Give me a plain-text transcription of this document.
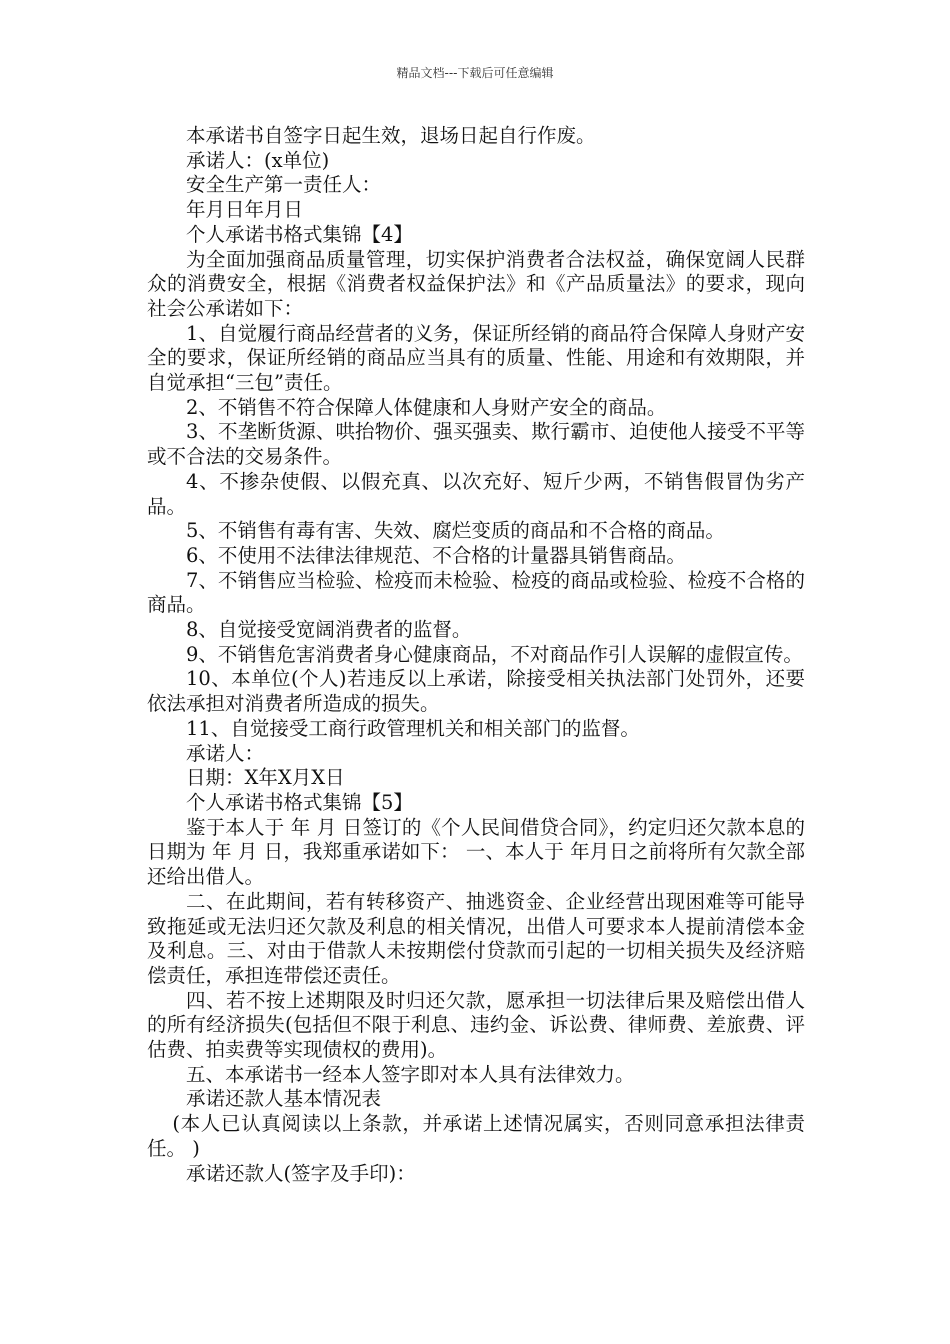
精品文档---下载后可任意编辑

本承诺书自签字日起生效，退场日起自行作废。

承诺人：(x单位)

安全生产第一责任人：

年月日年月日

个人承诺书格式集锦【4】

为全面加强商品质量管理，切实保护消费者合法权益，确保宽阔人民群众的消费安全，根据《消费者权益保护法》和《产品质量法》的要求，现向社会公承诺如下：

1、自觉履行商品经营者的义务，保证所经销的商品符合保障人身财产安全的要求，保证所经销的商品应当具有的质量、性能、用途和有效期限，并自觉承担“三包”责任。

2、不销售不符合保障人体健康和人身财产安全的商品。

3、不垄断货源、哄抬物价、强买强卖、欺行霸市、迫使他人接受不平等或不合法的交易条件。

4、不掺杂使假、以假充真、以次充好、短斤少两，不销售假冒伪劣产品。

5、不销售有毒有害、失效、腐烂变质的商品和不合格的商品。

6、不使用不法律法律规范、不合格的计量器具销售商品。

7、不销售应当检验、检疫而未检验、检疫的商品或检验、检疫不合格的商品。

8、自觉接受宽阔消费者的监督。

9、不销售危害消费者身心健康商品，不对商品作引人误解的虚假宣传。

10、本单位(个人)若违反以上承诺，除接受相关执法部门处罚外，还要依法承担对消费者所造成的损失。

11、自觉接受工商行政管理机关和相关部门的监督。

承诺人：

日期：X年X月X日

个人承诺书格式集锦【5】

鉴于本人于 年 月 日签订的《个人民间借贷合同》，约定归还欠款本息的日期为 年 月 日，我郑重承诺如下： 一、本人于 年月日之前将所有欠款全部还给出借人。

二、在此期间，若有转移资产、抽逃资金、企业经营出现困难等可能导致拖延或无法归还欠款及利息的相关情况，出借人可要求本人提前清偿本金及利息。三、对由于借款人未按期偿付贷款而引起的一切相关损失及经济赔偿责任，承担连带偿还责任。

四、若不按上述期限及时归还欠款，愿承担一切法律后果及赔偿出借人的所有经济损失(包括但不限于利息、违约金、诉讼费、律师费、差旅费、评估费、拍卖费等实现债权的费用)。

五、本承诺书一经本人签字即对本人具有法律效力。

承诺还款人基本情况表

(本人已认真阅读以上条款，并承诺上述情况属实，否则同意承担法律责任。 )

承诺还款人(签字及手印)：
